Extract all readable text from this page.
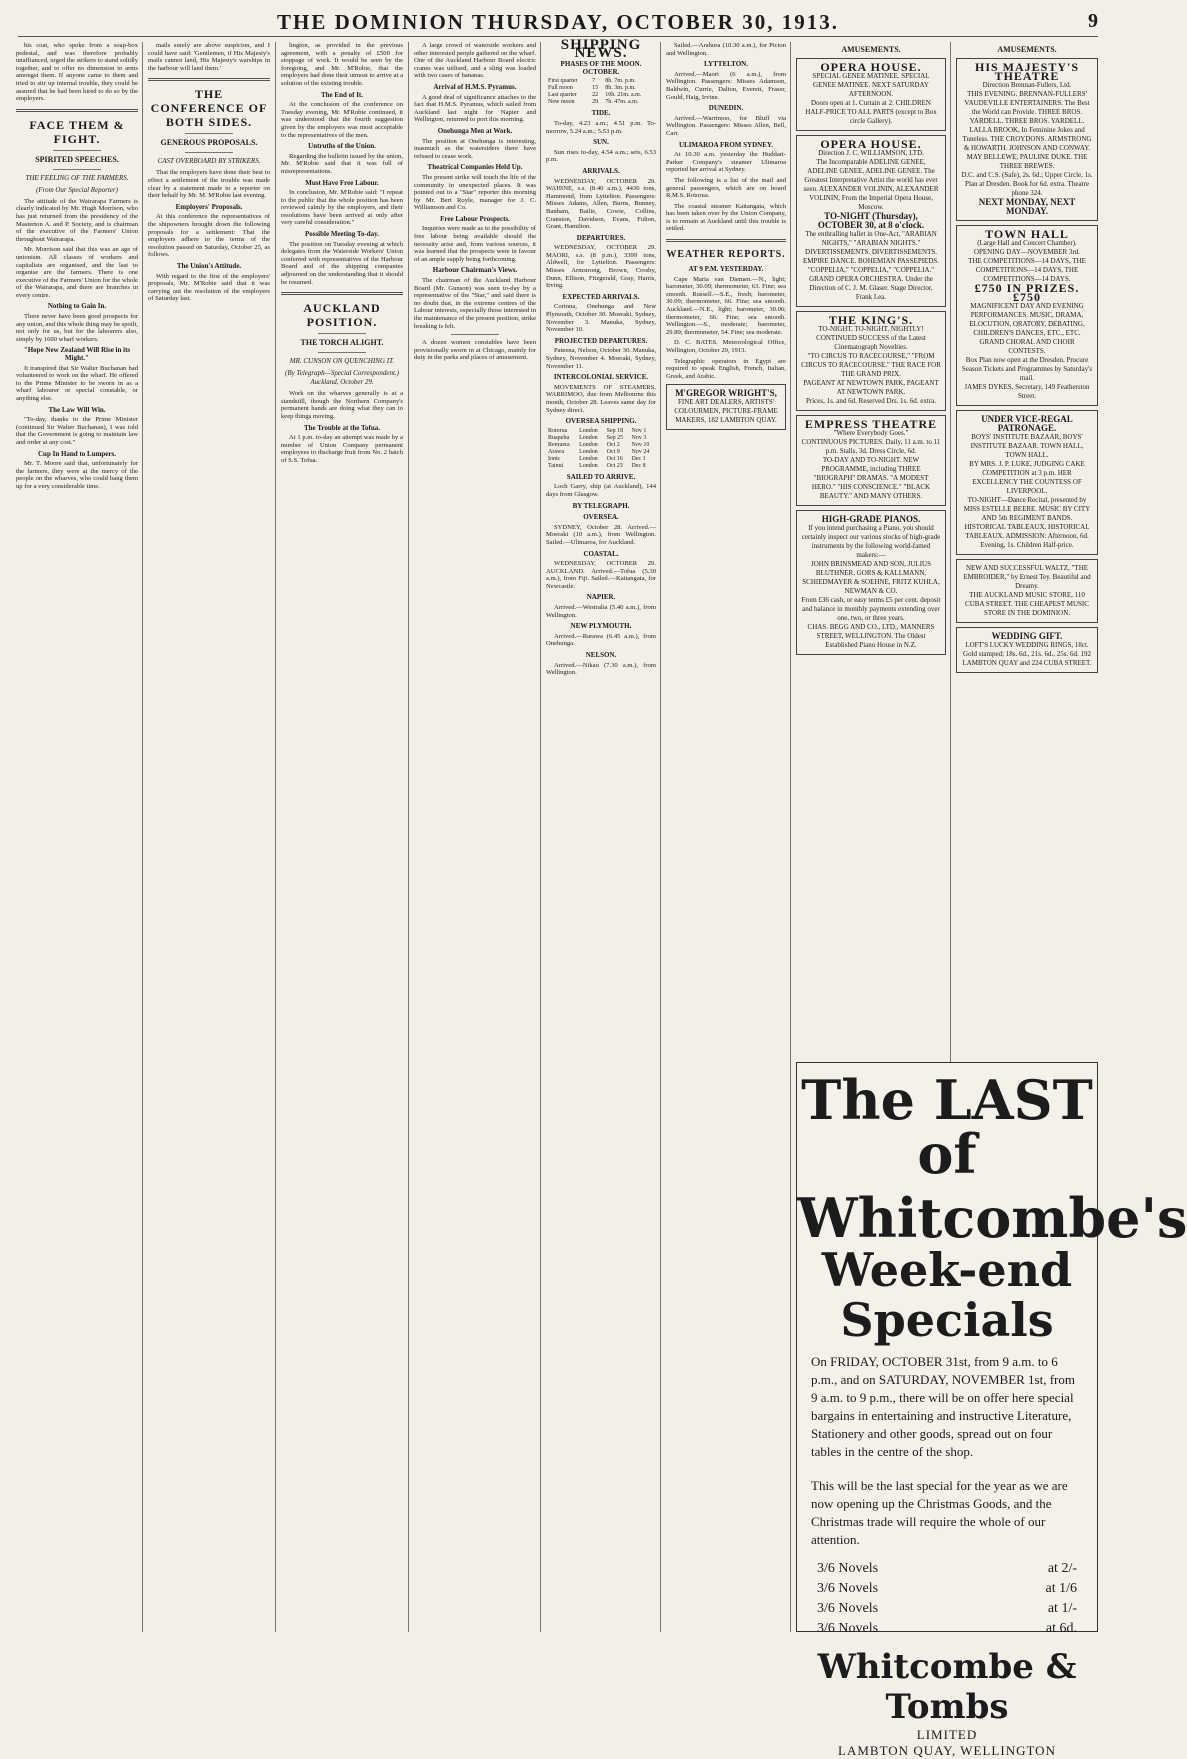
THE DOMINION THURSDAY, OCTOBER 30, 1913.	9

his coat, who spoke from a soap-box pedestal, and was therefore probably unaffianced, urged the strikers to stand solidly together, and to offer no dimension to arms amongst them. If anyone came to them and tried to stir up internal trouble, they could be assured that he had been hired to do so by the employers.

FACE THEM & FIGHT.
SPIRITED SPEECHES.
THE FEELING OF THE FARMERS.
(From Our Special Reporter)

The attitude of the Wairarapa Farmers is clearly indicated by Mr. Hugh Morrison, who has just returned from the presidency of the Masterton A. and P. Society, and is chairman of the executive of the Farmers' Union throughout Wairarapa.

Mr. Morrison said that this was an age of unionism. All classes of workers and capitalists are organised, and the last to organise are the farmers. There is one executive of the Farmers' Union for the whole of the Wairarapa, and there are branches in every centre.

Nothing to Gain In.

There never have been good prospects for any union, and this whole thing may be spoilt, not only for us, but for the labourers also, simply by 1600 wharf workers.

"Hope New Zealand Will Rise in its Might."

It transpired that Sir Walter Buchanan had volunteered to work on the wharf. He offered to the Prime Minister to be sworn in as a wharf labourer or special constable, or anything else.

The Law Will Win.

"To-day, thanks to the Prime Minister (continued Sir Walter Buchanan), I was told that the Government is going to maintain law and order at any cost."

Cup In Hand to Lumpers.

Mr. T. Moore said that, unfortunately for the farmers, they were at the mercy of the people on the wharves, who could bang them up for a very considerable time.

mails surely are above suspicion, and I could have said: 'Gentlemen, if His Majesty's mails cannot land, His Majesty's warships in the harbour will land them.'

THE CONFERENCE OF BOTH SIDES.
GENEROUS PROPOSALS.
CAST OVERBOARD BY STRIKERS.

That the employers have done their best to effect a settlement of the trouble was made clear by a statement made to a reporter on their behalf by Mr. M. M'Robie last evening.

Employers' Proposals.

At this conference the representatives of the shipowners brought down the following proposals for a settlement: That the employers adhere to the terms of the resolution passed on Saturday, October 25, as follows.

The Union's Attitude.

With regard to the first of the employers' proposals, Mr. M'Robie said that it was carrying out the resolution of the employers of Saturday last.

lington, as provided in the previous agreement, with a penalty of £500 for stoppage of work. It would be seen by the foregoing, and Mr. M'Robie, that the employers had done their utmost to arrive at a solution of the existing trouble.

The End of It.

At the conclusion of the conference on Tuesday evening, Mr. M'Robie continued, it was understood that the fourth suggestion given by the employers was most acceptable to the representatives of the men.

Untruths of the Union.

Regarding the bulletin issued by the union, Mr. M'Robie said that it was full of misrepresentations.

Must Have Free Labour.

In conclusion, Mr. M'Robie said: "I repeat to the public that the whole position has been reviewed calmly by the employers, and their resolutions have been arrived at only after very careful consideration."

Possible Meeting To-day.

The position on Tuesday evening at which delegates from the Waterside Workers' Union conferred with representatives of the Harbour Board and of the shipping companies adjourned on the understanding that it should be resumed.

AUCKLAND POSITION.
THE TORCH ALIGHT.
MR. CUNSON ON QUENCHING IT.
(By Telegraph—Special Correspondent.) Auckland, October 29.

Work on the wharves generally is at a standstill, though the Northern Company's permanent hands are doing what they can to keep things moving.

The Trouble at the Tofua.

At 1 p.m. to-day an attempt was made by a number of Union Company permanent employees to discharge fruit from No. 2 hatch of S.S. Tofua.

A large crowd of waterside workers and other interested people gathered on the wharf. One of the Auckland Harbour Board electric cranes was utilised, and a sling was loaded with two cases of bananas.

Arrival of H.M.S. Pyramus.

A good deal of significance attaches to the fact that H.M.S. Pyramus, which sailed from Auckland last night for Napier and Wellington, returned to port this morning.

Onehunga Men at Work.

The position at Onehunga is interesting, inasmuch as the watersiders there have refused to cease work.

Theatrical Companies Held Up.

The present strike will touch the life of the community in unexpected places. It was pointed out to a "Star" reporter this morning by Mr. Bert Royle, manager for J. C. Williamson and Co.

Free Labour Prospects.

Inquiries were made as to the possibility of free labour being available should the necessity arise and, from various sources, it was learned that the prospects were in favour of an ample supply being forthcoming.

Harbour Chairman's Views.

The chairman of the Auckland Harbour Board (Mr. Gunson) was seen to-day by a representative of the "Star," and said there is no doubt that, in the extreme centres of the Labour interests, especially those interested in the maintenance of the present position, strike breaking is felt.

A dozen women constables have been provisionally sworn in at Chicago, mainly for duty in the parks and places of amusement.

SHIPPING NEWS.
PHASES OF THE MOON. OCTOBER.
First quarter	7	8h. 7m. p.m.
Full moon	15	8h. 3m. p.m.
Last quarter	22	10h. 21m. a.m.
New moon	29	7h. 47m. a.m.
TIDE.

To-day, 4.23 a.m.; 4.51 p.m. To-morrow, 5.24 a.m.; 5.53 p.m.

SUN.

Sun rises to-day, 4.54 a.m.; sets, 6.53 p.m.

ARRIVALS.

WEDNESDAY, OCTOBER 29. WAHINE, s.s. (8.40 a.m.), 4436 tons, Hammond, from Lyttelton. Passengers: Misses Adams, Allen, Burns, Bunney, Banham, Bailie, Cowie, Collins, Cranston, Davidson, Evans, Fulton, Grant, Hamilton.

DEPARTURES.

WEDNESDAY, OCTOBER 29. MAORI, s.s. (8 p.m.), 3399 tons, Aldwell, for Lyttelton. Passengers: Misses Armstrong, Brown, Crosby, Dunn, Ellison, Fitzgerald, Gray, Harris, Irving.

EXPECTED ARRIVALS.

Corinna, Onehunga and New Plymouth, October 30. Moeraki, Sydney, November 3. Manuka, Sydney, November 10.

PROJECTED DEPARTURES.

Pateena, Nelson, October 30. Manuka, Sydney, November 4. Moeraki, Sydney, November 11.

INTERCOLONIAL SERVICE.

MOVEMENTS OF STEAMERS. WARRIMOO, due from Melbourne this month, October 28. Leaves same day for Sydney direct.

OVERSEA SHIPPING.
Rotorua	London	Sep 18	Nov 1
Ruapehu	London	Sep 25	Nov 3
Remuera	London	Oct 2	Nov 10
Arawa	London	Oct 9	Nov 24
Ionic	London	Oct 16	Dec 1
Tainui	London	Oct 23	Dec 8
SAILED TO ARRIVE.

Loch Garry, ship (at Auckland), 144 days from Glasgow.

BY TELEGRAPH.
OVERSEA.

SYDNEY, October 28. Arrived.—Moeraki (10 a.m.), from Wellington. Sailed.—Ulimaroa, for Auckland.

COASTAL.

WEDNESDAY, OCTOBER 29. AUCKLAND. Arrived.—Tofua (5.30 a.m.), from Fiji. Sailed.—Kaitangata, for Newcastle.

NAPIER.

Arrived.—Westralia (5.40 a.m.), from Wellington.

NEW PLYMOUTH.

Arrived.—Rarawa (6.45 a.m.), from Onehunga.

NELSON.

Arrived.—Nikau (7.30 a.m.), from Wellington.

Sailed.—Arahura (10.30 a.m.), for Picton and Wellington.

LYTTELTON.

Arrived.—Maori (6 a.m.), from Wellington. Passengers: Misses Adamson, Baldwin, Currie, Dalton, Everett, Fraser, Gould, Haig, Irvine.

DUNEDIN.

Arrived.—Warrimoo, for Bluff via Wellington. Passengers: Misses Allen, Bell, Carr.

ULIMAROA FROM SYDNEY.

At 10.30 a.m. yesterday the Huddart-Parker Company's steamer Ulimaroa reported her arrival at Sydney.

The following is a list of the mail and general passengers, which are on board R.M.S. Rotorua.

The coastal steamer Kaitangata, which has been taken over by the Union Company, is to remain at Auckland until this trouble is settled.

WEATHER REPORTS.
AT 9 P.M. YESTERDAY.

Cape Maria van Diemen.—N., light; barometer, 30.09; thermometer, 63. Fine; sea smooth. Russell.—S.E., fresh; barometer, 30.09; thermometer, 66. Fine; sea smooth. Auckland.—N.E., light; barometer, 30.06; thermometer, 66. Fine; sea smooth. Wellington.—S., moderate; barometer, 29.89; thermometer, 54. Fine; sea moderate.

D. C. BATES. Meteorological Office, Wellington, October 29, 1913.

Telegraphic operators in Egypt are required to speak English, French, Italian, Greek, and Arabic.

M'GREGOR WRIGHT'S,
FINE ART DEALERS, ARTISTS' COLOURMEN, PICTURE-FRAME MAKERS, 182 LAMBTON QUAY.
AMUSEMENTS.
OPERA HOUSE.
SPECIAL GENEE MATINEE. SPECIAL GENEE MATINEE. NEXT SATURDAY AFTERNOON.
Doors open at 1. Curtain at 2. CHILDREN HALF-PRICE TO ALL PARTS (except to Box circle Gallery).
OPERA HOUSE.
Direction J. C. WILLIAMSON, LTD.
The Incomparable ADELINE GENEE, ADELINE GENEE, ADELINE GENEE. The Greatest Interpretative Artist the world has ever seen. ALEXANDER VOLININ, ALEXANDER VOLININ, From the Imperial Opera House, Moscow.
TO-NIGHT (Thursday), OCTOBER 30, at 8 o'clock.
The enthralling ballet in One-Act, "ARABIAN NIGHTS," "ARABIAN NIGHTS."
DIVERTISSEMENTS. DIVERTISSEMENTS.
EMPIRE DANCE. BOHEMIAN PASSEPIEDS.
"COPPELIA," "COPPELIA," "COPPELIA."
GRAND OPERA ORCHESTRA. Under the Direction of C. J. M. Glaser. Stage Director, Frank Lea.
THE KING'S.
TO-NIGHT. TO-NIGHT. NIGHTLY! CONTINUED SUCCESS of the Latest Cinematograph Novelties.
"TO CIRCUS TO RACECOURSE," "FROM CIRCUS TO RACECOURSE." THE RACE FOR THE GRAND PRIX.
PAGEANT AT NEWTOWN PARK, PAGEANT AT NEWTOWN PARK.
Prices, 1s. and 6d. Reserved Drs. 1s. 6d. extra.
EMPRESS THEATRE
"Where Everybody Goes."
CONTINUOUS PICTURES. Daily, 11 a.m. to 11 p.m. Stalls, 3d. Dress Circle, 6d.
TO-DAY AND TO-NIGHT. NEW PROGRAMME, including THREE "BIOGRAPH" DRAMAS. "A MODEST HERO." "HIS CONSCIENCE." "BLACK BEAUTY." AND MANY OTHERS.
HIGH-GRADE PIANOS.
If you intend purchasing a Piano, you should certainly inspect our various stocks of high-grade instruments by the following world-famed makers:—
JOHN BRINSMEAD AND SON, JULIUS BLUTHNER, GORS & KALLMANN, SCHIEDMAYER & SOEHNE, FRITZ KUHLA, NEWMAN & CO.
From £36 cash, or easy terms £5 per cent. deposit and balance in monthly payments extending over one, two, or three years.
CHAS. BEGG AND CO., LTD., MANNERS STREET, WELLINGTON. The Oldest Established Piano House in N.Z.
AMUSEMENTS.
HIS MAJESTY'S THEATRE
Direction Brennan-Fullers, Ltd.
THIS EVENING. BRENNAN-FULLERS' VAUDEVILLE ENTERTAINERS. The Best the World can Provide. THREE BROS. YARDELL. THREE BROS. YARDELL.
LALLA BROOK, In Feminine Jokes and Tuneless. THE CROYDONS. ARMSTRONG & HOWARTH. JOHNSON AND CONWAY. MAY BELLEWE, PAULINE DUKE. THE THREE BREWES.
D.C. and C.S. (Safe), 2s. 6d.; Upper Circle, 1s. Plan at Dresden. Book for 6d. extra. Theatre phone 324.
NEXT MONDAY, NEXT MONDAY.
TOWN HALL
(Large Hall and Concert Chamber).
OPENING DAY—NOVEMBER 3rd.
THE COMPETITIONS—14 DAYS, THE COMPETITIONS—14 DAYS, THE COMPETITIONS—14 DAYS.
£750 IN PRIZES. £750
MAGNIFICENT DAY AND EVENING PERFORMANCES. MUSIC, DRAMA, ELOCUTION, ORATORY, DEBATING, CHILDREN'S DANCES, ETC., ETC.
GRAND CHORAL AND CHOIR CONTESTS.
Box Plan now open at the Dresden. Procure Season Tickets and Programmes by Saturday's mail.
JAMES DYKES, Secretary, 149 Featherston Street.
UNDER VICE-REGAL PATRONAGE.
BOYS' INSTITUTE BAZAAR, BOYS' INSTITUTE BAZAAR. TOWN HALL, TOWN HALL.
BY MRS. J. P. LUKE, JUDGING CAKE COMPETITION at 3 p.m. HER EXCELLENCY THE COUNTESS OF LIVERPOOL.
TO-NIGHT—Dance Recital, presented by MISS ESTELLE BEERE. MUSIC BY CITY AND 5th REGIMENT BANDS.
HISTORICAL TABLEAUX. HISTORICAL TABLEAUX. ADMISSION: Afternoon, 6d. Evening, 1s. Children Half-price.
NEW AND SUCCESSFUL WALTZ, "THE EMBROIDER," by Ernest Tey. Beautiful and Dreamy.
THE AUCKLAND MUSIC STORE, 110 CUBA STREET. THE CHEAPEST MUSIC STORE IN THE DOMINION.
WEDDING GIFT.
LOFT'S LUCKY WEDDING RINGS, 18ct. Gold stamped; 18s. 6d., 21s. 6d., 25s. 6d. 192 LAMBTON QUAY and 224 CUBA STREET.
The LAST of
Whitcombe's
Week-end Specials
On FRIDAY, OCTOBER 31st, from 9 a.m. to 6 p.m., and on SATURDAY, NOVEMBER 1st, from 9 a.m. to 9 p.m., there will be on offer here special bargains in entertaining and instructive Literature, Stationery and other goods, spread out on four tables in the centre of the shop.
This will be the last special for the year as we are now opening up the Christmas Goods, and the Christmas trade will require the whole of our attention.
3/6 Novels	at 2/-
3/6 Novels	at 1/6
3/6 Novels	at 1/-
3/6 Novels	at 6d.
Whitcombe & Tombs
LIMITED
LAMBTON QUAY, WELLINGTON
